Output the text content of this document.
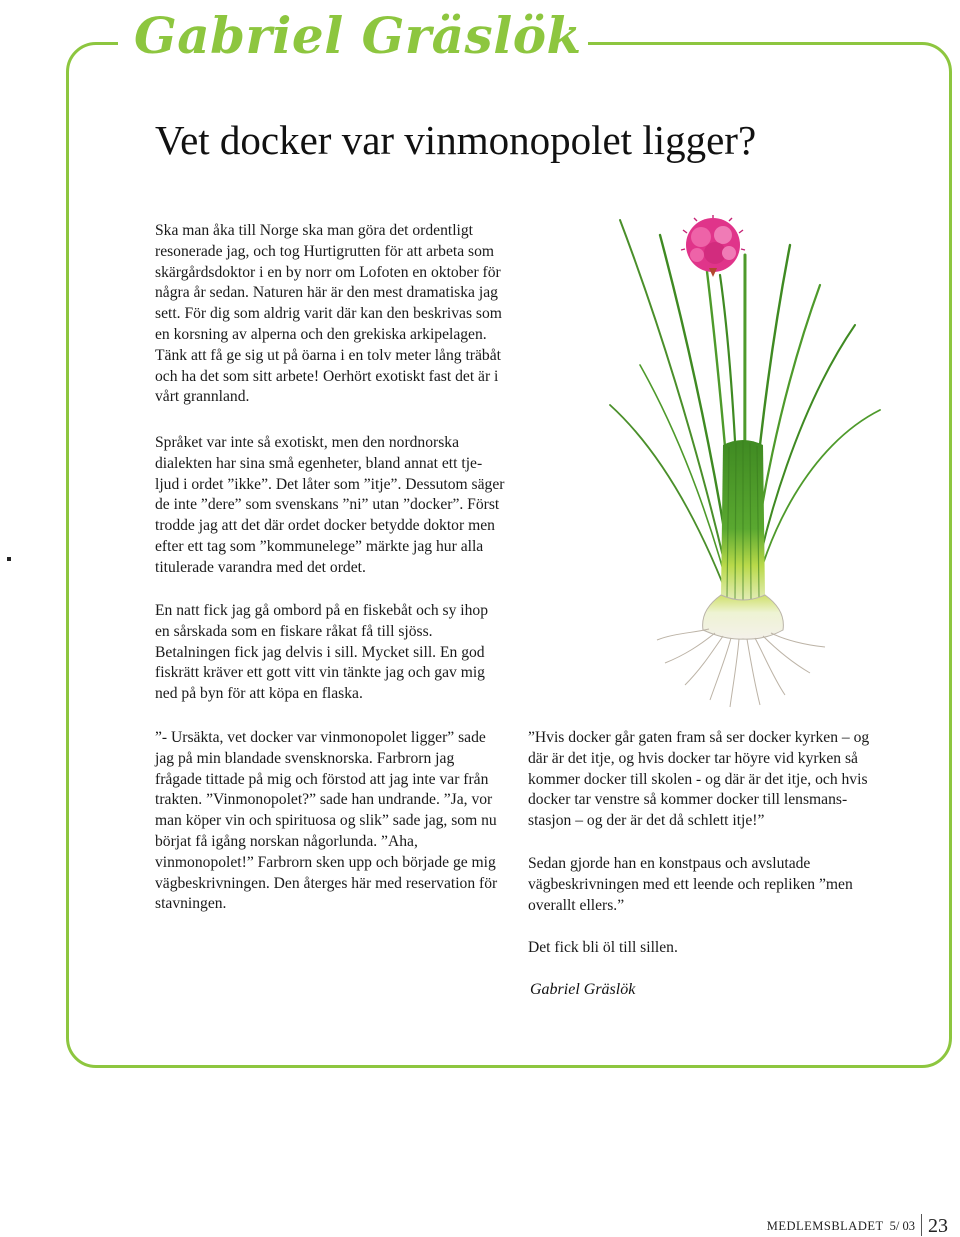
Gabriel Gräslök
Vet docker var vinmonopolet ligger?

Ska man åka till Norge ska man göra det ordentligt resonerade jag, och tog Hurtigrutten för att arbeta som skärgårdsdoktor i en by norr om Lofoten en oktober för några år sedan. Naturen här är den mest dramatiska jag sett. För dig som aldrig varit där kan den beskrivas som en korsning av alperna och den grekiska arkipelagen. Tänk att få ge sig ut på öarna i en tolv meter lång träbåt och ha det som sitt arbete! Oerhört exotiskt fast det är i vårt grannland.

Språket var inte så exotiskt, men den nordnorska dialekten har sina små egenheter, bland annat ett tje-ljud i ordet ”ikke”. Det låter som ”itje”. Dessutom säger de inte ”dere” som svenskans ”ni” utan ”docker”. Först trodde jag att det där ordet docker betydde doktor men efter ett tag som ”kommunelege” märkte jag hur alla titulerade varandra med det ordet.

En natt fick jag gå ombord på en fiskebåt och sy ihop en sårskada som en fiskare råkat få till sjöss. Betalningen fick jag delvis i sill. Mycket sill. En god fiskrätt kräver ett gott vitt vin tänkte jag och gav mig ned på byn för att köpa en flaska.

”- Ursäkta, vet docker var vinmonopolet ligger” sade jag på min blandade svensknorska. Farbrorn jag frågade tittade på mig och förstod att jag inte var från trakten. ”Vinmonopolet?” sade han undrande. ”Ja, vor man köper vin och spirituosa og slik” sade jag, som nu börjat få igång norskan någorlunda. ”Aha, vinmonopolet!” Farbrorn sken upp och började ge mig vägbeskrivningen. Den återges här med reservation för stavningen.

”Hvis docker går gaten fram så ser docker kyrken – og där är det itje, og hvis docker tar höyre vid kyrken så kommer docker till skolen - og där är det itje, och hvis docker tar venstre så kommer docker till lensmans-stasjon – og der är det då schlett itje!”

Sedan gjorde han en konstpaus och avslutade vägbeskrivningen med ett leende och repliken ”men overallt ellers.”

Det fick bli öl till sillen.

Gabriel Gräslök

MEDLEMSBLADET 5/ 03 23
